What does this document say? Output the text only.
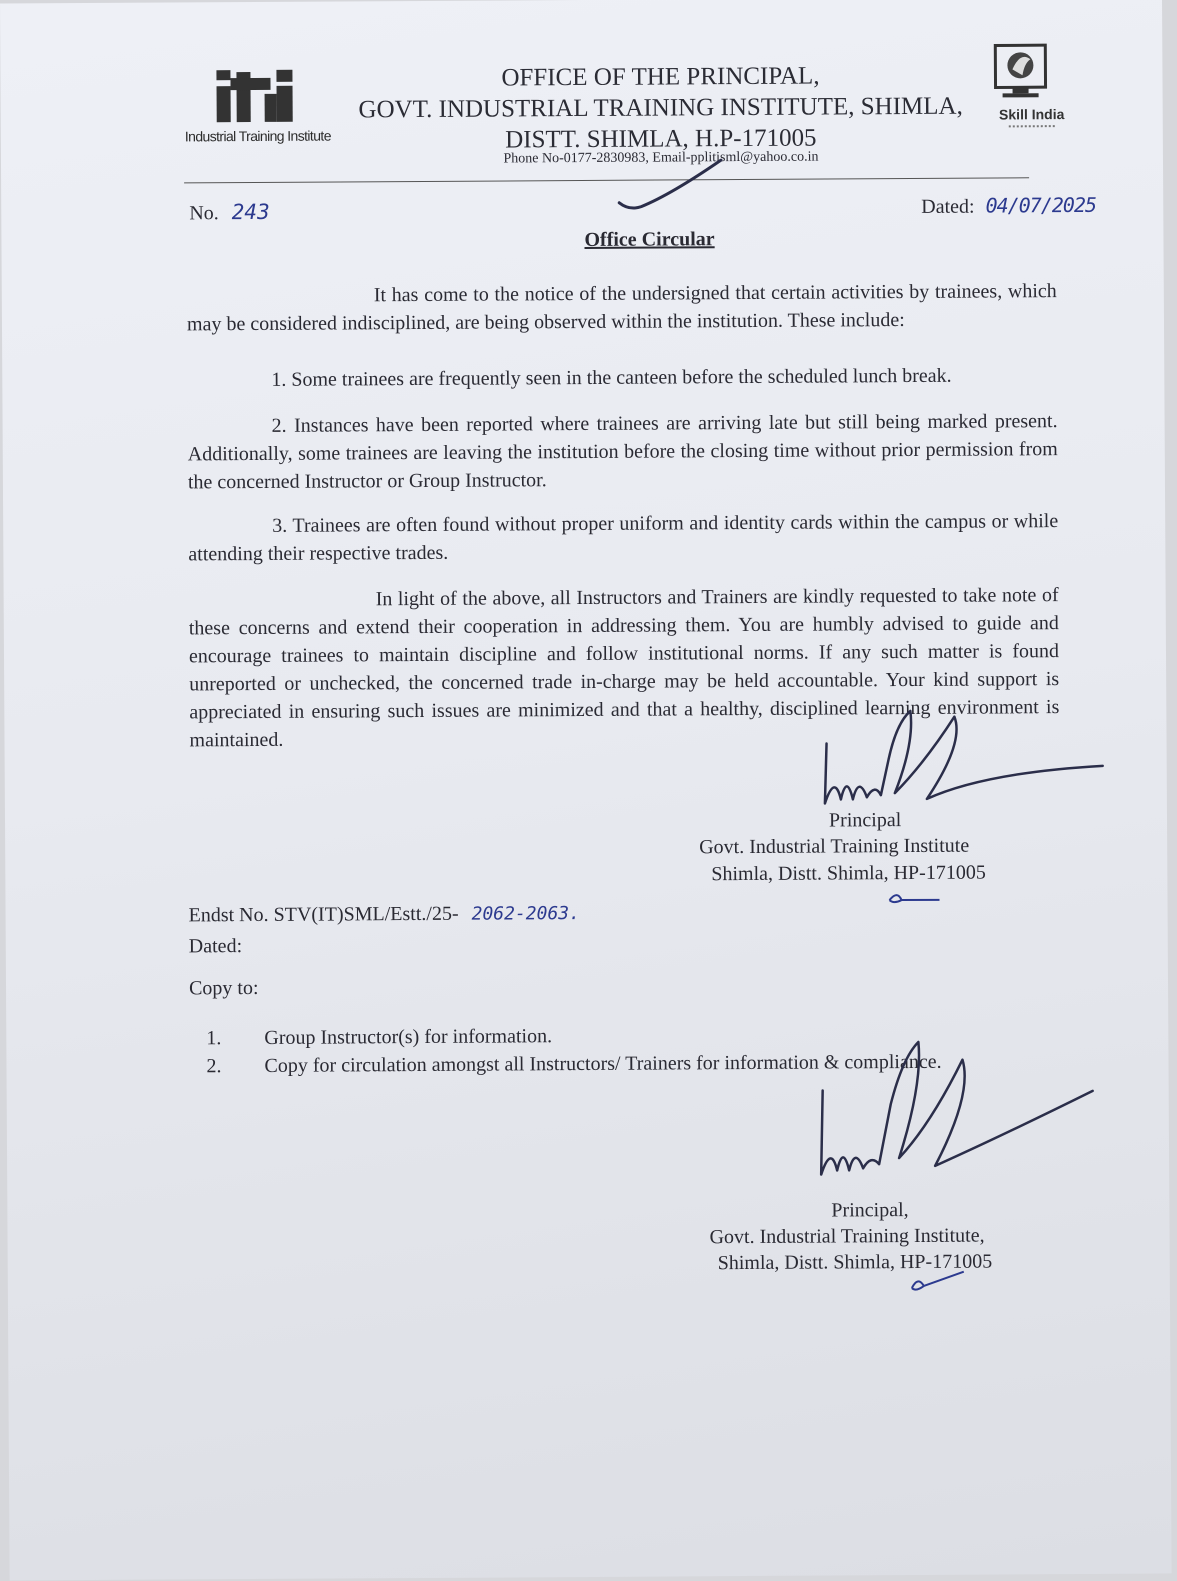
Industrial Training Institute
OFFICE OF THE PRINCIPAL,
GOVT. INDUSTRIAL TRAINING INSTITUTE, SHIMLA,
DISTT. SHIMLA, H.P-171005
Phone No-0177-2830983, Email-pplitisml@yahoo.co.in
Skill India
No. 243	Dated: 04/07/2025
Office Circular
It has come to the notice of the undersigned that certain activities by trainees, which may be considered indisciplined, are being observed within the institution. These include:
1. Some trainees are frequently seen in the canteen before the scheduled lunch break.
2. Instances have been reported where trainees are arriving late but still being marked present. Additionally, some trainees are leaving the institution before the closing time without prior permission from the concerned Instructor or Group Instructor.
3. Trainees are often found without proper uniform and identity cards within the campus or while attending their respective trades.
In light of the above, all Instructors and Trainers are kindly requested to take note of these concerns and extend their cooperation in addressing them. You are humbly advised to guide and encourage trainees to maintain discipline and follow institutional norms. If any such matter is found unreported or unchecked, the concerned trade in-charge may be held accountable. Your kind support is appreciated in ensuring such issues are minimized and that a healthy, disciplined learning environment is maintained.
Principal
Govt. Industrial Training Institute
Shimla, Distt. Shimla, HP-171005
Endst No. STV(IT)SML/Estt./25- 2062-2063.
Dated:
Copy to:
1.	Group Instructor(s) for information.
2.	Copy for circulation amongst all Instructors/ Trainers for information & compliance.
Principal,
Govt. Industrial Training Institute,
Shimla, Distt. Shimla, HP-171005
